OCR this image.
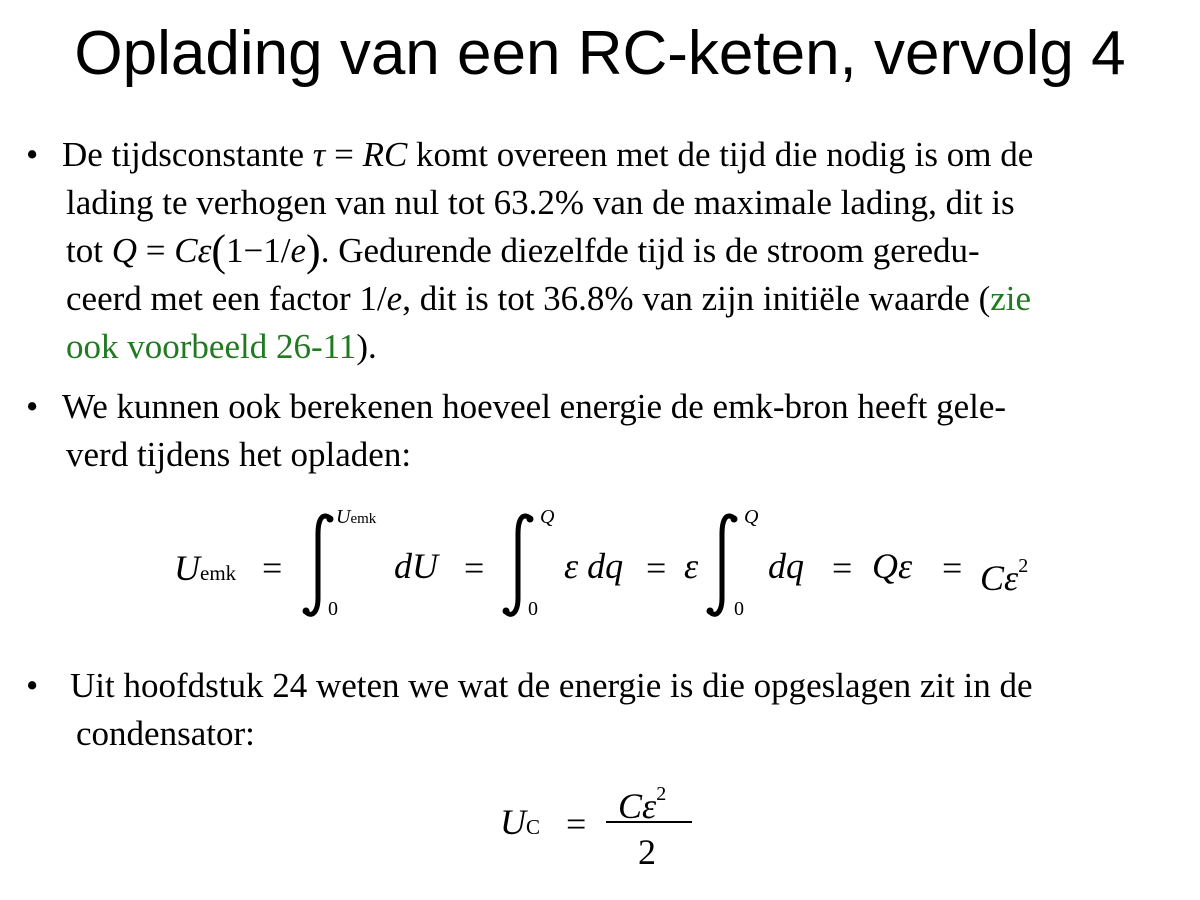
Oplading van een RC-keten, vervolg 4
• De tijdsconstante τ = RC komt overeen met de tijd die nodig is om de
lading te verhogen van nul tot 63.2% van de maximale lading, dit is
tot Q = Cε(1−1/e). Gedurende diezelfde tijd is de stroom geredu-
ceerd met een factor 1/e, dit is tot 36.8% van zijn initiële waarde (zie
ook voorbeeld 26-11).
• We kunnen ook berekenen hoeveel energie de emk-bron heeft gele-
verd tijdens het opladen:
Uemk =
Uemk
0
dU =
Q
0
ε dq = ε
Q
0
dq = $Q\varepsilon = C\varepsilon^2$
• Uit hoofdstuk 24 weten we wat de energie is die opgeslagen zit in de
condensator:
UC = $C\varepsilon^2$
2
